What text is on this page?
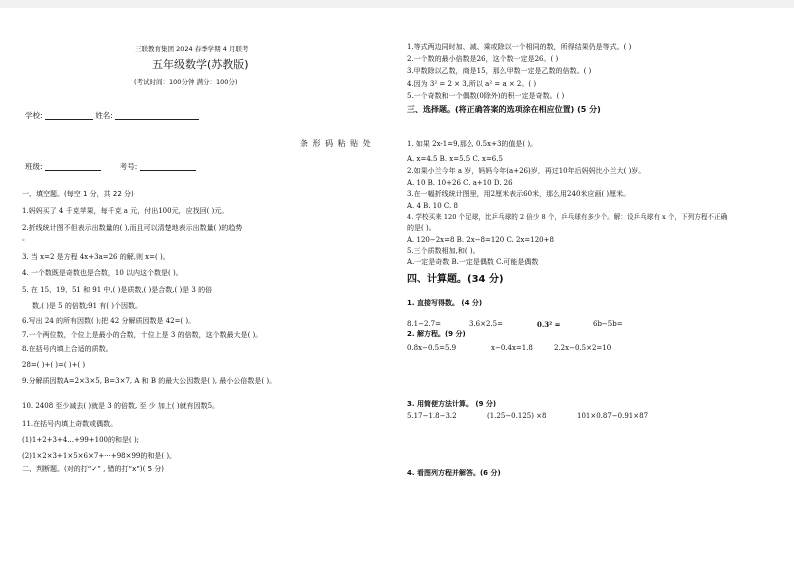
三联教育集团 2024 春季学期 4 月联考
五年级数学(苏教版)
(考试时间：100分钟 满分：100分)
学校:	姓名:
条 形 码 粘 贴 处
班级:	考号:
一、填空题。(每空 1 分，共 22 分)
1.妈妈买了 4 千克苹果，每千克 a 元，付出100元，应找回( )元。
2.折线统计图不但表示出数量的( ),而且可以清楚地表示出数量( )的趋势
。
3. 当 x=2 是方程 4x+3a=26 的解,则 x=( )。
4. 一个数既是奇数也是合数，10 以内这个数是( )。
5. 在 15、19、51 和 91 中,( )是质数,( )是合数,( )是 3 的倍
数,( )是 5 的倍数;91 有( )个因数。
6.写出 24 的所有因数( );把 42 分解质因数是 42=( )。
7.一个两位数，个位上是最小的合数，十位上是 3 的倍数，这个数最大是( )。
8.在括号内填上合适的质数。
28=( )+( )=( )+( )
9.分解质因数A=2×3×5, B=3×7, A 和 B 的最大公因数是( ), 最小公倍数是( )。
10. 2408 至少减去( )就是 3 的倍数, 至 少 加上( )就有因数5。
11.在括号内填上奇数或偶数。
(1)1+2+3+4...+99+100的和是( );
(2)1×2×3+1×5×6×7+···+98×99的和是( )。
二、判断题。(对的打“✓” , 错的打“x”)( 5 分)
1.等式两边同时加、减、乘或除以一个相同的数，所得结果仍是等式。( )
2.一个数的最小倍数是26，这个数一定是26。( )
3.甲数除以乙数，商是15，那么甲数一定是乙数的倍数。( )
4.因为 3² = 2 × 3,所以 a² = a × 2。( )
5.一个奇数和一个偶数(0除外)的积一定是奇数。( )
三、选择题。(将正确答案的选项涂在相应位置) (5 分)
1. 如果 2x-1=9,那么 0.5x+3的值是( )。
A. x=4.5 B. x=5.5 C. x=6.5
2.如果小兰今年 a 岁，妈妈今年(a+26)岁，再过10年后妈妈比小兰大( )岁。
A. 10 B. 10+26 C. a+10 D. 26
3.在一幅折线统计图里，用2厘米表示60米，那么用240米应画( )厘米。
A. 4 B. 10 C. 8
4. 学校买来 120 个足球，比乒乓球的 2 倍少 8 个，乒乓球有多少个。解：设乒乓球有 x 个，下列方程不正确
的是( )。
A. 120−2x=8 B. 2x−8=120 C. 2x=120+8
5.三个质数相加,和( )。
A.一定是奇数 B.一定是偶数 C.可能是偶数
四、计算题。(34 分)
1. 直接写得数。 (4 分)
8.1−2.7=	3.6×2.5=	0.3² =	6b−5b=
2. 解方程。(9 分)
0.8x−0.5=5.9	x−0.4x=1.8	2.2x−0.5×2=10
3. 用简便方法计算。 (9 分)
5.17−1.8−3.2	(1.25−0.125) ×8	101×0.87−0.91×87
4. 看图列方程并解答。(6 分)
